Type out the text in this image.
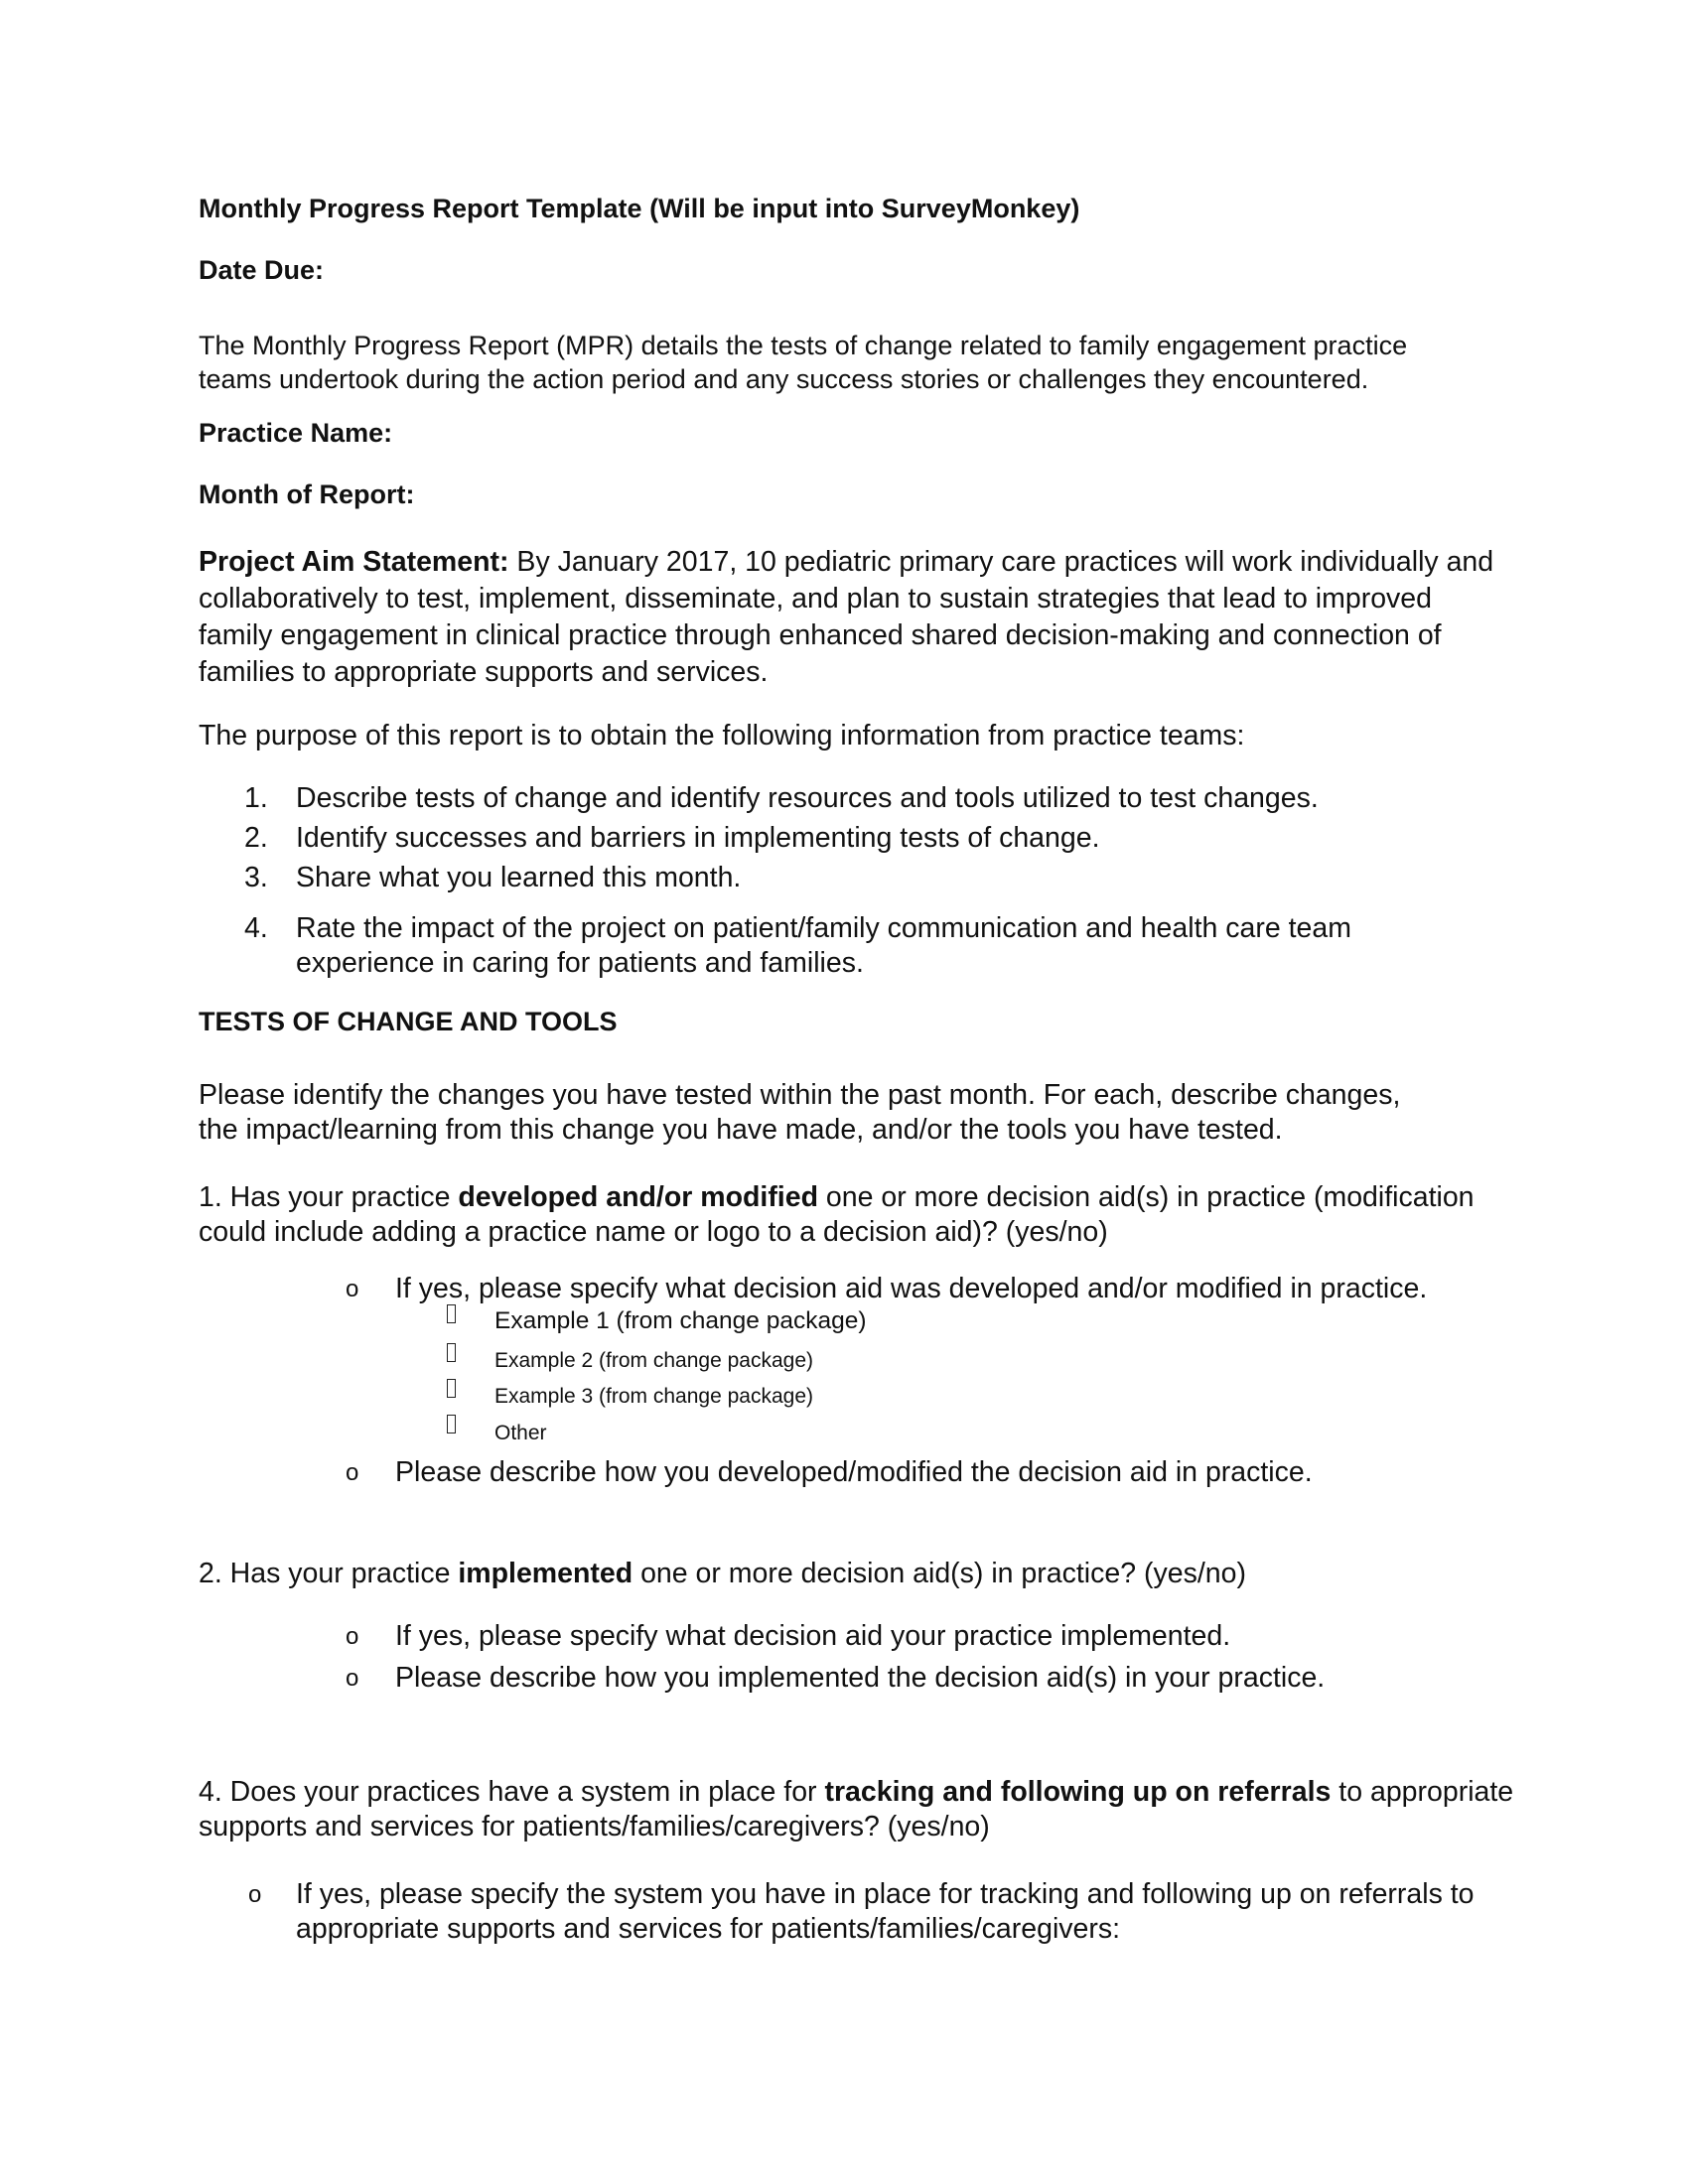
Monthly Progress Report Template (Will be input into SurveyMonkey)
Date Due:
The Monthly Progress Report (MPR) details the tests of change related to family engagement practice
teams undertook during the action period and any success stories or challenges they encountered.
Practice Name:
Month of Report:
Project Aim Statement: By January 2017, 10 pediatric primary care practices will work individually and
collaboratively to test, implement, disseminate, and plan to sustain strategies that lead to improved
family engagement in clinical practice through enhanced shared decision-making and connection of
families to appropriate supports and services.
The purpose of this report is to obtain the following information from practice teams:
1. Describe tests of change and identify resources and tools utilized to test changes.
2. Identify successes and barriers in implementing tests of change.
3. Share what you learned this month.
4. Rate the impact of the project on patient/family communication and health care team
experience in caring for patients and families.
TESTS OF CHANGE AND TOOLS
Please identify the changes you have tested within the past month. For each, describe changes,
the impact/learning from this change you have made, and/or the tools you have tested.
1. Has your practice developed and/or modified one or more decision aid(s) in practice (modification
could include adding a practice name or logo to a decision aid)? (yes/no)
o If yes, please specify what decision aid was developed and/or modified in practice.
Example 1 (from change package)
Example 2 (from change package)
Example 3 (from change package)
Other
o Please describe how you developed/modified the decision aid in practice.
2. Has your practice implemented one or more decision aid(s) in practice? (yes/no)
o If yes, please specify what decision aid your practice implemented.
o Please describe how you implemented the decision aid(s) in your practice.
4. Does your practices have a system in place for tracking and following up on referrals to appropriate
supports and services for patients/families/caregivers? (yes/no)
o If yes, please specify the system you have in place for tracking and following up on referrals to
appropriate supports and services for patients/families/caregivers:
